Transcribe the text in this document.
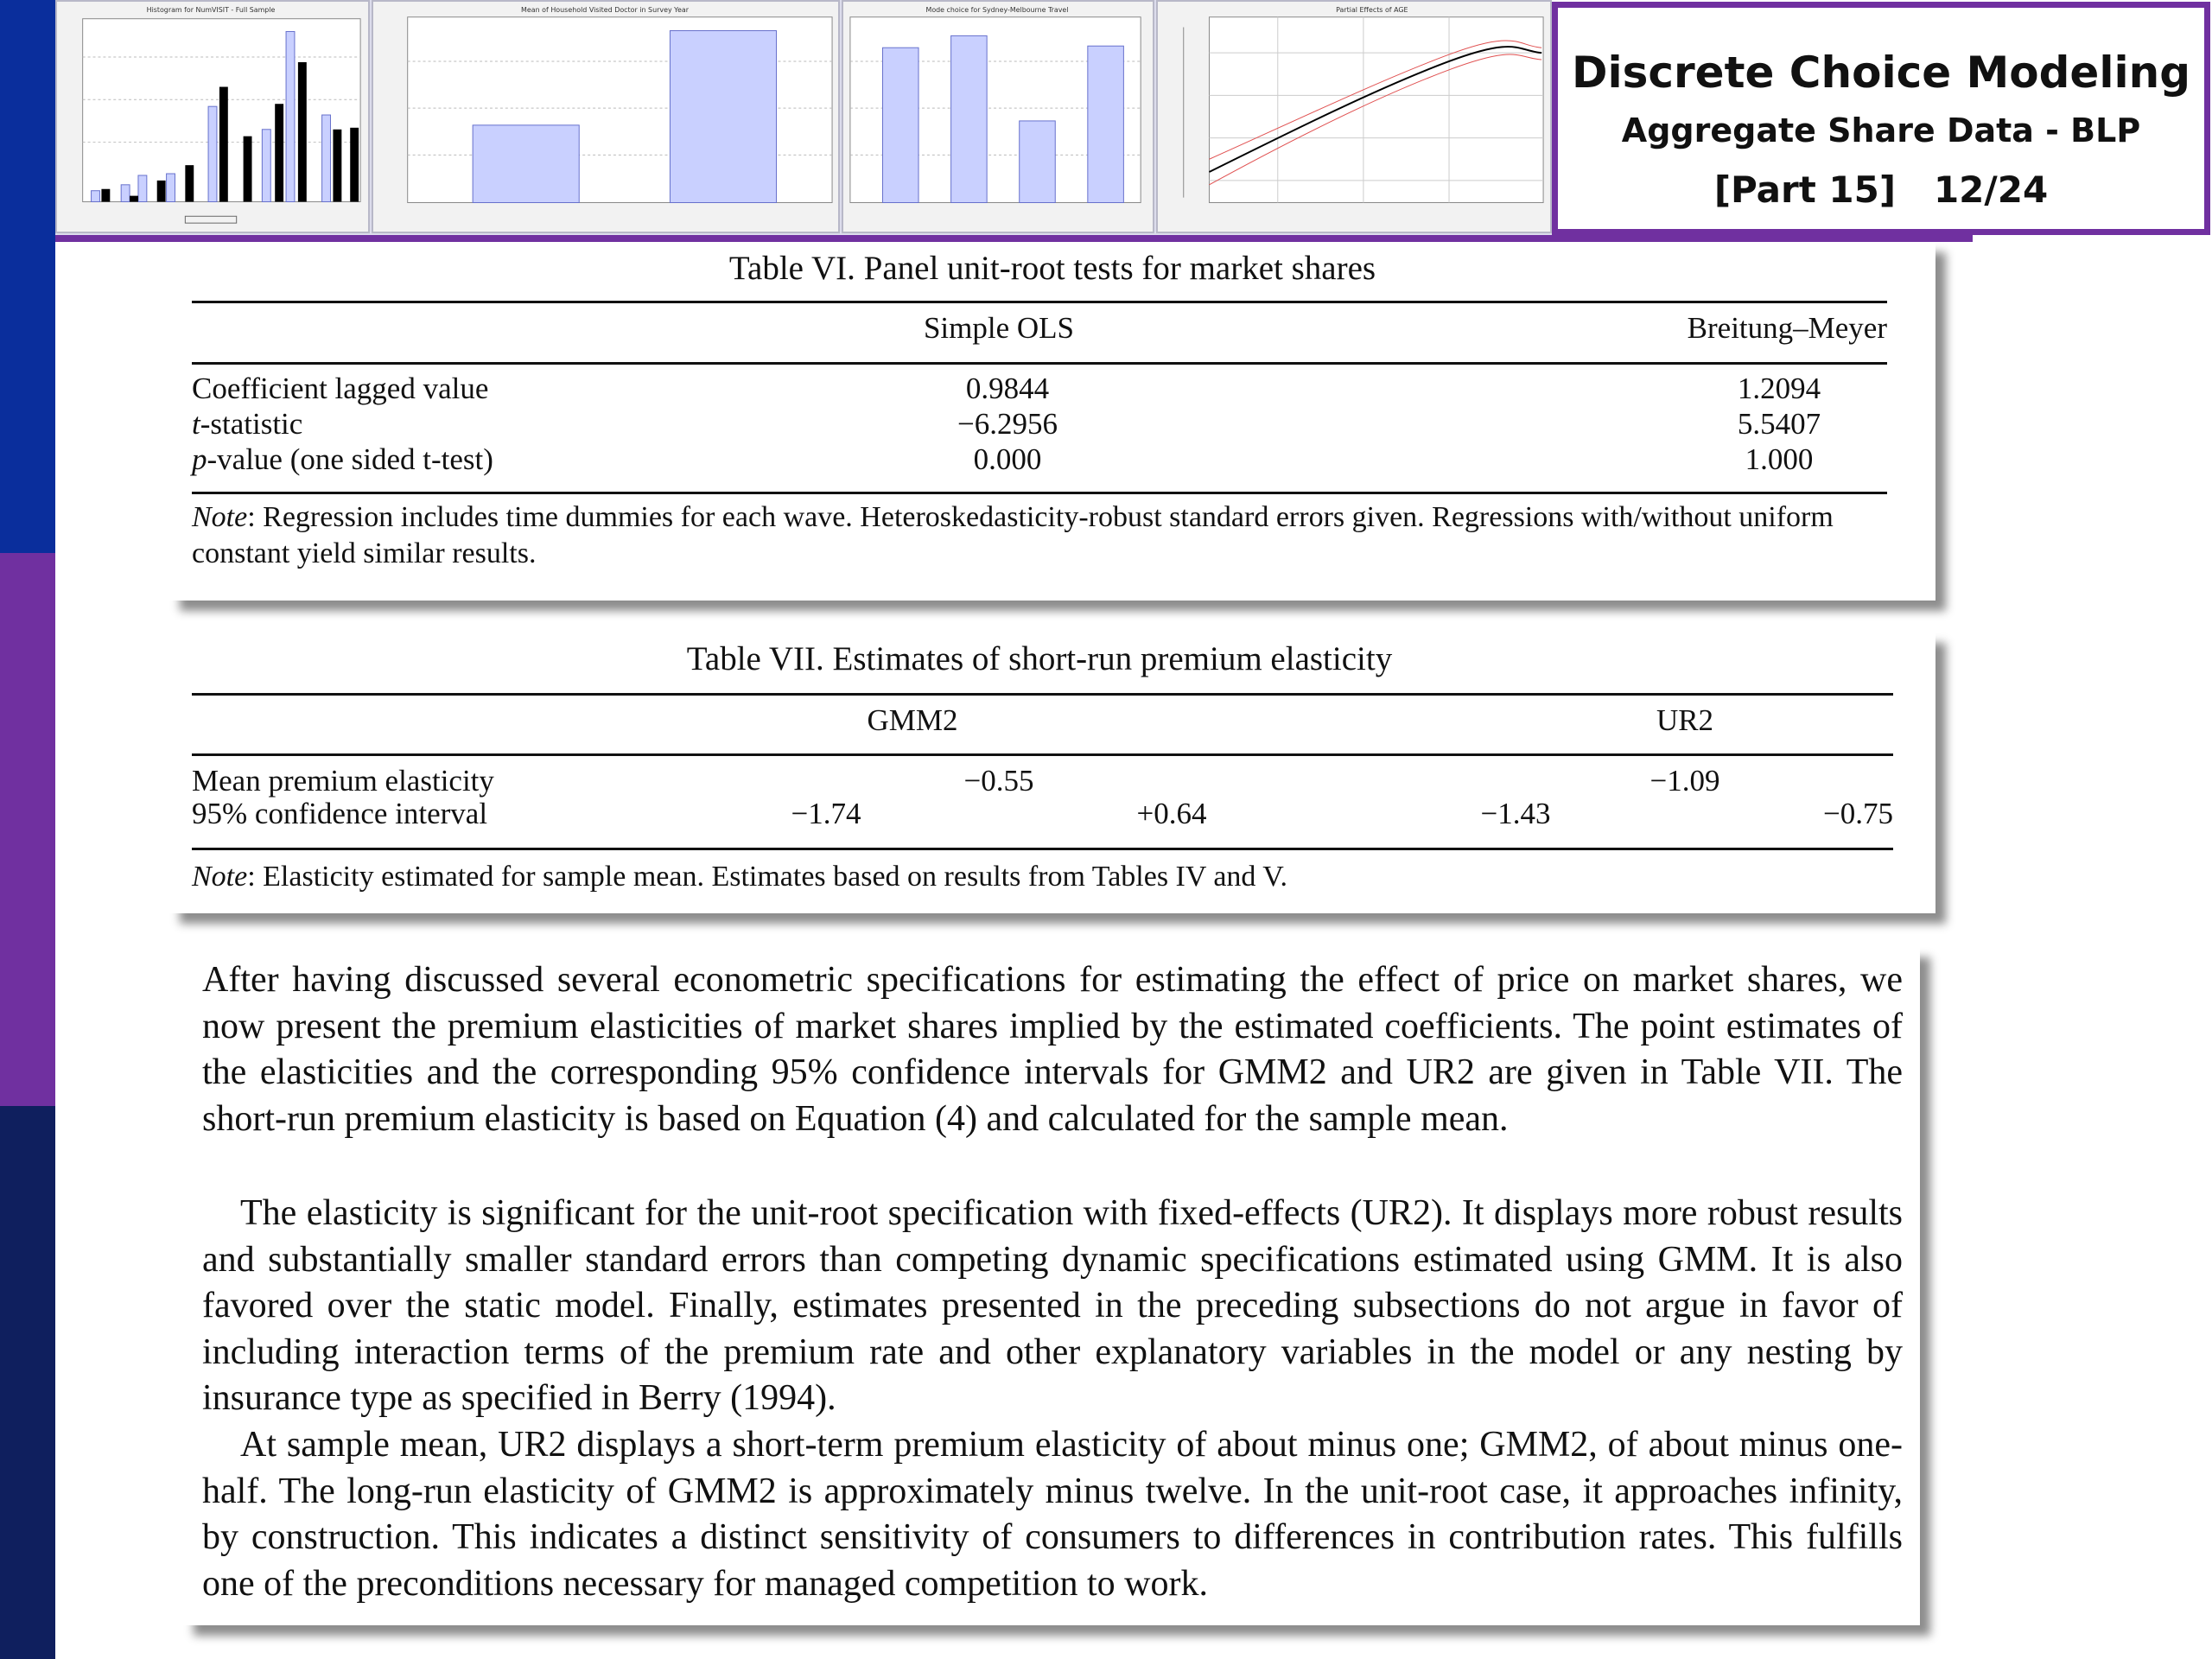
Histogram for NumVISIT - Full Sample	Mean of Household Visited Doctor in Survey Year	Mode choice for Sydney-Melbourne Travel	Partial Effects of AGE
Discrete Choice Modeling
Aggregate Share Data - BLP
[Part 15] 12/24
Table VI. Panel unit-root tests for market shares
Simple OLS	Breitung–Meyer
Coefficient lagged value	0.9844	1.2094
t-statistic	−6.2956	5.5407
p-value (one sided t-test)	0.000	1.000
Note: Regression includes time dummies for each wave. Heteroskedasticity-robust standard errors given. Regressions with/without uniform constant yield similar results.
Table VII. Estimates of short-run premium elasticity
GMM2	UR2
Mean premium elasticity	−0.55	−1.09
95% confidence interval	−1.74	+0.64	−1.43	−0.75
Note: Elasticity estimated for sample mean. Estimates based on results from Tables IV and V.
After having discussed several econometric specifications for estimating the effect of price on market shares, we now present the premium elasticities of market shares implied by the estimated coefficients. The point estimates of the elasticities and the corresponding 95% confidence intervals for GMM2 and UR2 are given in Table VII. The short-run premium elasticity is based on Equation (4) and calculated for the sample mean.
The elasticity is significant for the unit-root specification with fixed-effects (UR2). It displays more robust results and substantially smaller standard errors than competing dynamic specifications estimated using GMM. It is also favored over the static model. Finally, estimates presented in the preceding subsections do not argue in favor of including interaction terms of the premium rate and other explanatory variables in the model or any nesting by insurance type as specified in Berry (1994).
At sample mean, UR2 displays a short-term premium elasticity of about minus one; GMM2, of about minus one-half. The long-run elasticity of GMM2 is approximately minus twelve. In the unit-root case, it approaches infinity, by construction. This indicates a distinct sensitivity of consumers to differences in contribution rates. This fulfills one of the preconditions necessary for managed competition to work.
